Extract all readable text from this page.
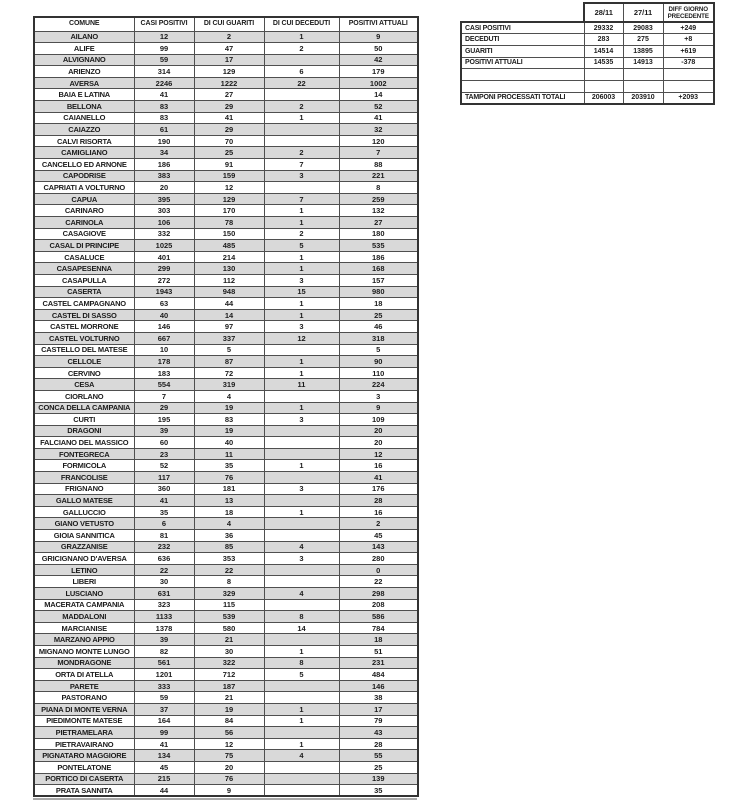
COMUNE	CASI POSITIVI	DI CUI GUARITI	DI CUI DECEDUTI	POSITIVI ATTUALI
AILANO	12	2	1	9
ALIFE	99	47	2	50
ALVIGNANO	59	17		42
ARIENZO	314	129	6	179
AVERSA	2246	1222	22	1002
BAIA E LATINA	41	27		14
BELLONA	83	29	2	52
CAIANELLO	83	41	1	41
CAIAZZO	61	29		32
CALVI RISORTA	190	70		120
CAMIGLIANO	34	25	2	7
CANCELLO ED ARNONE	186	91	7	88
CAPODRISE	383	159	3	221
CAPRIATI A VOLTURNO	20	12		8
CAPUA	395	129	7	259
CARINARO	303	170	1	132
CARINOLA	106	78	1	27
CASAGIOVE	332	150	2	180
CASAL DI PRINCIPE	1025	485	5	535
CASALUCE	401	214	1	186
CASAPESENNA	299	130	1	168
CASAPULLA	272	112	3	157
CASERTA	1943	948	15	980
CASTEL CAMPAGNANO	63	44	1	18
CASTEL DI SASSO	40	14	1	25
CASTEL MORRONE	146	97	3	46
CASTEL VOLTURNO	667	337	12	318
CASTELLO DEL MATESE	10	5		5
CELLOLE	178	87	1	90
CERVINO	183	72	1	110
CESA	554	319	11	224
CIORLANO	7	4		3
CONCA DELLA CAMPANIA	29	19	1	9
CURTI	195	83	3	109
DRAGONI	39	19		20
FALCIANO DEL MASSICO	60	40		20
FONTEGRECA	23	11		12
FORMICOLA	52	35	1	16
FRANCOLISE	117	76		41
FRIGNANO	360	181	3	176
GALLO MATESE	41	13		28
GALLUCCIO	35	18	1	16
GIANO VETUSTO	6	4		2
GIOIA SANNITICA	81	36		45
GRAZZANISE	232	85	4	143
GRICIGNANO D'AVERSA	636	353	3	280
LETINO	22	22		0
LIBERI	30	8		22
LUSCIANO	631	329	4	298
MACERATA CAMPANIA	323	115		208
MADDALONI	1133	539	8	586
MARCIANISE	1378	580	14	784
MARZANO APPIO	39	21		18
MIGNANO MONTE LUNGO	82	30	1	51
MONDRAGONE	561	322	8	231
ORTA DI ATELLA	1201	712	5	484
PARETE	333	187		146
PASTORANO	59	21		38
PIANA DI MONTE VERNA	37	19	1	17
PIEDIMONTE MATESE	164	84	1	79
PIETRAMELARA	99	56		43
PIETRAVAIRANO	41	12	1	28
PIGNATARO MAGGIORE	134	75	4	55
PONTELATONE	45	20		25
PORTICO DI CASERTA	215	76		139
PRATA SANNITA	44	9		35
	28/11	27/11	DIFF GIORNO PRECEDENTE
CASI POSITIVI	29332	29083	+249
DECEDUTI	283	275	+8
GUARITI	14514	13895	+619
POSITIVI ATTUALI	14535	14913	-378

TAMPONI PROCESSATI TOTALI	206003	203910	+2093
